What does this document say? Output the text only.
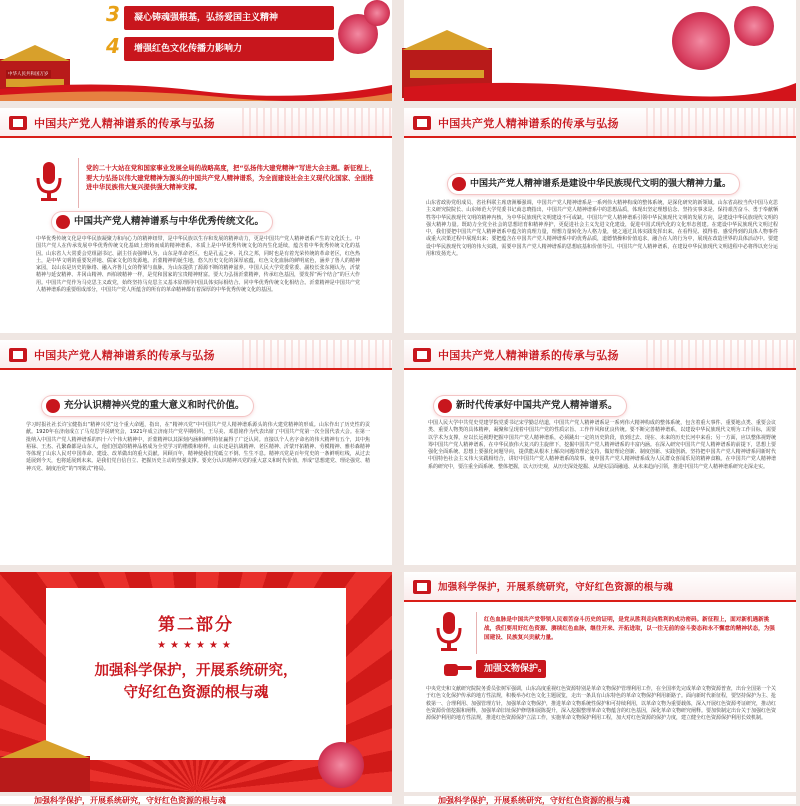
3	凝心铸魂强根基，弘扬爱国主义精神
4	增强红色文化传播力影响力
中华人民共和国万岁
中国共产党人精神谱系的传承与弘扬
党的二十大站在党和国家事业发展全局的战略高度，把“弘扬伟大建党精神”写进大会主题。新征程上，要大力弘扬以伟大建党精神为源头的中国共产党人精神谱系，为全面建设社会主义现代化国家、全面推进中华民族伟大复兴提供强大精神支撑。
中国共产党人精神谱系与中华优秀传统文化。
中华优秀传统文化是中华民族凝聚力和向心力的精神纽带，是中华民族以生存和发展的精神动力，更是中国共产党人精神谱系产生的文化沃土。中国共产党人在传承发展中华优秀传统文化基础上熔铸而成的精神谱系，本质上是中华优秀传统文化的内生化延续，蕴含着中华优秀传统文化的基因。山东省人大常委会党组副书记、副主任丧强峰认为，山东是革命老区，也是孔孟之乡、礼仪之邦，同时也是有着光荣传统的革命老区，红色热土，是中华文明的重要发祥地、儒家文化的发源地。沂蒙精神的诞生地，悠久历史文化的深厚底蕴，红色文化血脉的鲜明底色，涵养了鲁人的精神家园，以山东是历史的脉络、融入齐鲁儿女的脊梁与血脉，为山东提供了源源不断的精神滋养。中国人民大学党委常委、副校长张东刚认为，沂蒙精神与延安精神、井冈山精神、西柏坡精神一样，是党和国家的宝贵精神财富。要大力弘扬沂蒙精神，传承红色基因，要发挥“两个结合”的巨大作用。中国共产党作为马克思主义政党，始终坚持马克思主义基本原理同中国具体实际相结合、同中华优秀传统文化相结合。沂蒙精神是中国共产党人精神谱系的重要组成部分，中国共产党人所蕴含的所有的革命精神都有着深厚的中华优秀传统文化的基因。
中国共产党人精神谱系的传承与弘扬
中国共产党人精神谱系是建设中华民族现代文明的强大精神力量。
山东省政协党组成员、省社科联主席唐洲雁强调，中国共产党人精神谱系是一系列伟大精神构成的整体系统，是深化研究的新领域。山东省高校当代中国马克思主义研究院院长、山东师范大学党委书记商志晓指出，中国共产党人精神谱系中的思想品质，体现出坚定理想信念、坚持实事求是、保持艰苦奋斗、勇于奉献牺牲等中华民族现代文明的精神内核，为中华民族现代文明建设不可或缺。中国共产党人精神谱系引领中华民族现代文明的发展方向，是建设中华民族现代文明的强大精神力量。既助力全党全社会的思想培育和精神养护，更促进社会主义先进文化建设，促进中国式现代化的文化形态创建。在建设中华民族现代文明过程中，我们要把中国共产党人精神谱系中蕴含的真理力量，理想力量转化为人格力量，使之通过具体实践发挥出来。在看得见、摸得着、感受得到的具体人物事件或重大决策过程中展现出来；要把蕴含在中国共产党人精神谱系中的优秀品质，道德情操和价值追求，融合在人的行为中，展现在改造世界的具体活动中。要建设中华民族现代文明的伟大实践，需要中国共产党人精神谱系的思想底基和价值导引。中国共产党人精神谱系，在建设中华民族现代文明进程中必将得以充分运用和发扬光大。
中国共产党人精神谱系的传承与弘扬
充分认识精神兴党的重大意义和时代价值。
学习时报社社长许宝健指出“精神兴党”这个重大命题，指出，在“精神兴党”中中国共产党人精神谱系源头的伟大建党精神的形成。山东作出了历史性的贡献。1920年在济南成立了马克思学说研究会，1921年成立济南共产党早期组织，王尽美、邓恩铭作为代表出席了中国共产党第一次全国代表大会。在第一批纳入中国共产党人精神谱系的四十六个伟大精神中，沂蒙精神以其深刻内涵和鲜明特征赢得了广泛认同。直接以个人名字命名的伟大精神有五个，其中焦裕禄、王杰、孔繁森都是山东人，他们创造的精神品格成为全党学习的楷模和榜样。山东还是抗战精神、老区精神、沂蒙开拓精神、劳模精神、雅杉森精神等体现了山东人民对中国革命、建设、改革做出的重大贡献。回顾百年，精神使我们党砥立不倒、生生不息。精神兴党是百年党史的一条鲜明红线，从过去延展到今天，也将延展到未来。是我们党自信自立、把握历史主动的坚强支撑。要充分认识精神兴党的重大意义和时代价值，形成“思想建党、理论强党、精神兴党、制度治党”的“四梁式”格局。
中国共产党人精神谱系的传承与弘扬
新时代传承好中国共产党人精神谱系。
中国人民大学中共党史党建学院党委书记宋学勤总结道，中国共产党人精神谱系是一系列伟大精神构成的整体系统，包含着重大事件、重要地点类、重要会议类、重要人物类的具体精神，凝聚和呈现着中国共产党的性质宗旨、工作作风和优良传统。要不断完善精神谱系，以建设中华民族现代文明为工作目标，需要以学术为支撑，应以长远视野把握中国共产党人精神谱系，必须跳出一定的历史阶段，放到过去、现在、未来的历史长河中来看；另一方面，应以整体视野统筹中国共产党人精神谱系，在中华民族伟大复兴的主旋律下，挖掘中国共产党人精神谱系的丰富内涵。在深入研究中国共产党人精神谱系的前提下，思想上要强化全面系统、思想上要强化问题导向，提供能从根本上解决问题的理论支持，做好理论创新、制度创新、实践创新。坚持把中国共产党人精神谱系同新时代中国特色社会主义伟大实践相结合，讲好中国共产党人精神谱系的故事，使中国共产党人精神谱系成为人民群众喜闻乐见的精神食粮。在中国共产党人精神谱系的研究中，要注重全面系统、整体把握，以大历史观，从历史深处挖掘、从现实层面融通、从未来趋向引领，推进中国共产党人精神谱系研究走深走实。
第二部分
★★★★★★
加强科学保护，开展系统研究，
守好红色资源的根与魂
加强科学保护，开展系统研究，守好红色资源的根与魂
红色血脉是中国共产党带领人民艰苦奋斗历史的证明，是党从胜利走向胜利的成功密码。新征程上，面对新机遇新挑战，我们要用好红色资源、赓续红色血脉，继往开来、开拓进取，以一往无前的奋斗姿态和永不懈怠的精神状态，为强国建设、民族复兴贡献力量。
加强文物保护。
中央党史和文献研究院院务委员张树军强调，山东高度重视红色资源特别是革命文物保护管理利用工作，在全国率先完成革命文物资源普查，出台全国第一个关于红色文化保护传承的地方性法规，积极举办红色文化主题展览，走出一条具有山东特色的革命文物保护利用新路子。面向新时代新征程，要坚持保护为主、抢救第一、合理利用、加强管理方针，加强革命文物保护，推进革命文物系统性保护和可持续利用，以革命文物为重要载体，深入开展红色资源考证研究，推动红色资源价值挖掘和阐释，加强革命旧址保护修缮和展陈提升，深入挖掘整理革命文物蕴含的红色基因，深化革命文物研究阐释。要加快制定出台关于加强红色资源保护利用的地方性法规，推进红色资源保护立法工作，实施革命文物保护利用工程，加大对红色资源的保护力度，建立健全红色资源保护利用长效机制。
加强科学保护，开展系统研究，守好红色资源的根与魂	加强科学保护，开展系统研究，守好红色资源的根与魂
